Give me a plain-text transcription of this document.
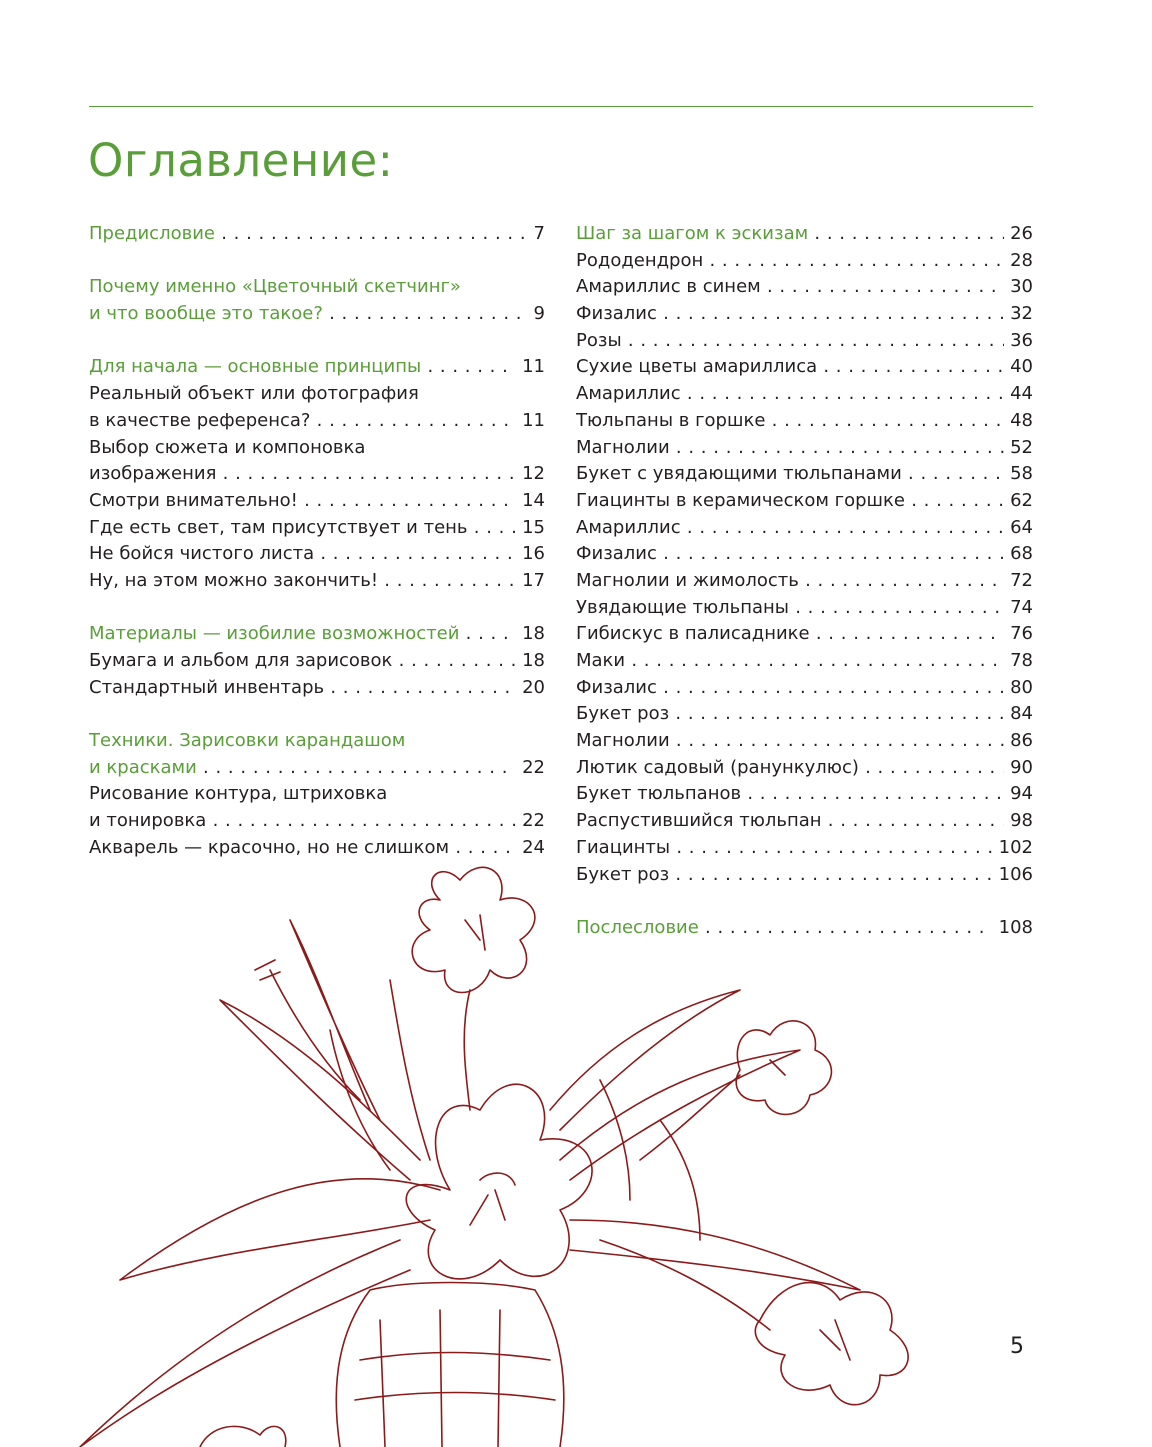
Оглавление:
Предисловие . . .	7
Почему именно «Цветочный скетчинг»
и что вообще это такое? . . .	9
Для начала — основные принципы . . .	11
Реальный объект или фотография
в качестве референса? . . .	11
Выбор сюжета и компоновка
изображения . . .	12
Смотри внимательно! . . .	14
Где есть свет, там присутствует и тень . . .	15
Не бойся чистого листа . . .	16
Ну, на этом можно закончить! . . .	17
Материалы — изобилие возможностей . . .	18
Бумага и альбом для зарисовок . . .	18
Стандартный инвентарь . . .	20
Техники. Зарисовки карандашом
и красками . . .	22
Рисование контура, штриховка
и тонировка . . .	22
Акварель — красочно, но не слишком . . .	24
Шаг за шагом к эскизам . . .	26
Рододендрон . . .	28
Амариллис в синем . . .	30
Физалис . . .	32
Розы . . .	36
Сухие цветы амариллиса . . .	40
Амариллис . . .	44
Тюльпаны в горшке . . .	48
Магнолии . . .	52
Букет с увядающими тюльпанами . . .	58
Гиацинты в керамическом горшке . . .	62
Амариллис . . .	64
Физалис . . .	68
Магнолии и жимолость . . .	72
Увядающие тюльпаны . . .	74
Гибискус в палисаднике . . .	76
Маки . . .	78
Физалис . . .	80
Букет роз . . .	84
Магнолии . . .	86
Лютик садовый (ранункулюс) . . .	90
Букет тюльпанов . . .	94
Распустившийся тюльпан . . .	98
Гиацинты . . .	102
Букет роз . . .	106
Послесловие . . .	108
5
